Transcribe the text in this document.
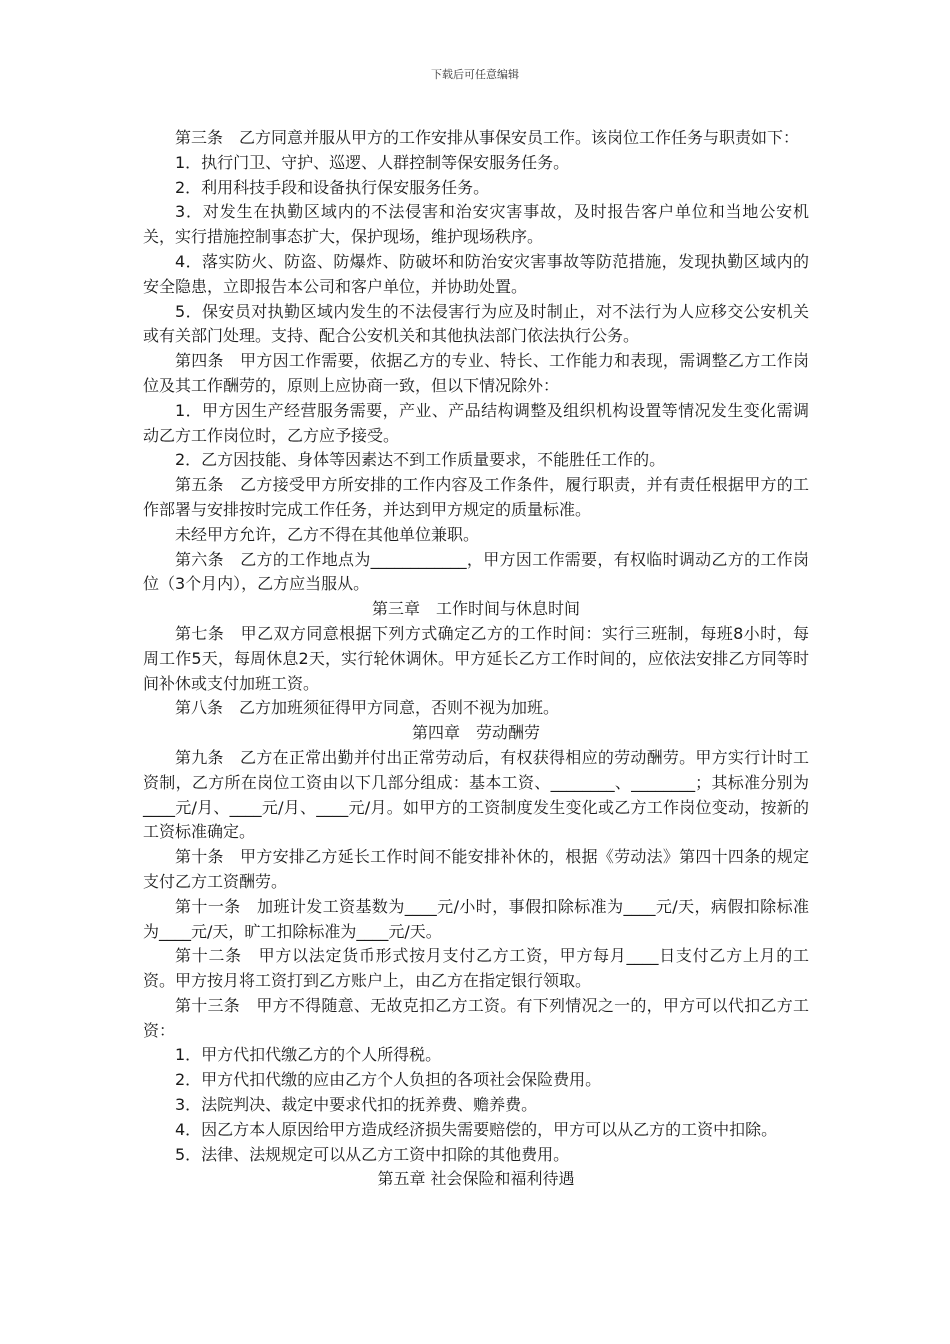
下载后可任意编辑

第三条　乙方同意并服从甲方的工作安排从事保安员工作。该岗位工作任务与职责如下：

1．执行门卫、守护、巡逻、人群控制等保安服务任务。

2．利用科技手段和设备执行保安服务任务。

3．对发生在执勤区域内的不法侵害和治安灾害事故，及时报告客户单位和当地公安机关，实行措施控制事态扩大，保护现场，维护现场秩序。

4．落实防火、防盗、防爆炸、防破坏和防治安灾害事故等防范措施，发现执勤区域内的安全隐患，立即报告本公司和客户单位，并协助处置。

5．保安员对执勤区域内发生的不法侵害行为应及时制止，对不法行为人应移交公安机关或有关部门处理。支持、配合公安机关和其他执法部门依法执行公务。

第四条　甲方因工作需要，依据乙方的专业、特长、工作能力和表现，需调整乙方工作岗位及其工作酬劳的，原则上应协商一致，但以下情况除外：

1．甲方因生产经营服务需要，产业、产品结构调整及组织机构设置等情况发生变化需调动乙方工作岗位时，乙方应予接受。

2．乙方因技能、身体等因素达不到工作质量要求，不能胜任工作的。

第五条　乙方接受甲方所安排的工作内容及工作条件，履行职责，并有责任根据甲方的工作部署与安排按时完成工作任务，并达到甲方规定的质量标准。

未经甲方允许，乙方不得在其他单位兼职。

第六条　乙方的工作地点为____________，甲方因工作需要，有权临时调动乙方的工作岗位（3个月内），乙方应当服从。

第三章　工作时间与休息时间

第七条　甲乙双方同意根据下列方式确定乙方的工作时间：实行三班制，每班8小时，每周工作5天，每周休息2天，实行轮休调休。甲方延长乙方工作时间的，应依法安排乙方同等时间补休或支付加班工资。

第八条　乙方加班须征得甲方同意，否则不视为加班。

第四章　劳动酬劳

第九条　乙方在正常出勤并付出正常劳动后，有权获得相应的劳动酬劳。甲方实行计时工资制，乙方所在岗位工资由以下几部分组成：基本工资、________、________；其标准分别为____元/月、____元/月、____元/月。如甲方的工资制度发生变化或乙方工作岗位变动，按新的工资标准确定。

第十条　甲方安排乙方延长工作时间不能安排补休的，根据《劳动法》第四十四条的规定支付乙方工资酬劳。

第十一条　加班计发工资基数为____元/小时，事假扣除标准为____元/天，病假扣除标准为____元/天，旷工扣除标准为____元/天。

第十二条　甲方以法定货币形式按月支付乙方工资，甲方每月____日支付乙方上月的工资。甲方按月将工资打到乙方账户上，由乙方在指定银行领取。

第十三条　甲方不得随意、无故克扣乙方工资。有下列情况之一的，甲方可以代扣乙方工资：

1．甲方代扣代缴乙方的个人所得税。

2．甲方代扣代缴的应由乙方个人负担的各项社会保险费用。

3．法院判决、裁定中要求代扣的抚养费、赡养费。

4．因乙方本人原因给甲方造成经济损失需要赔偿的，甲方可以从乙方的工资中扣除。

5．法律、法规规定可以从乙方工资中扣除的其他费用。

第五章 社会保险和福利待遇
